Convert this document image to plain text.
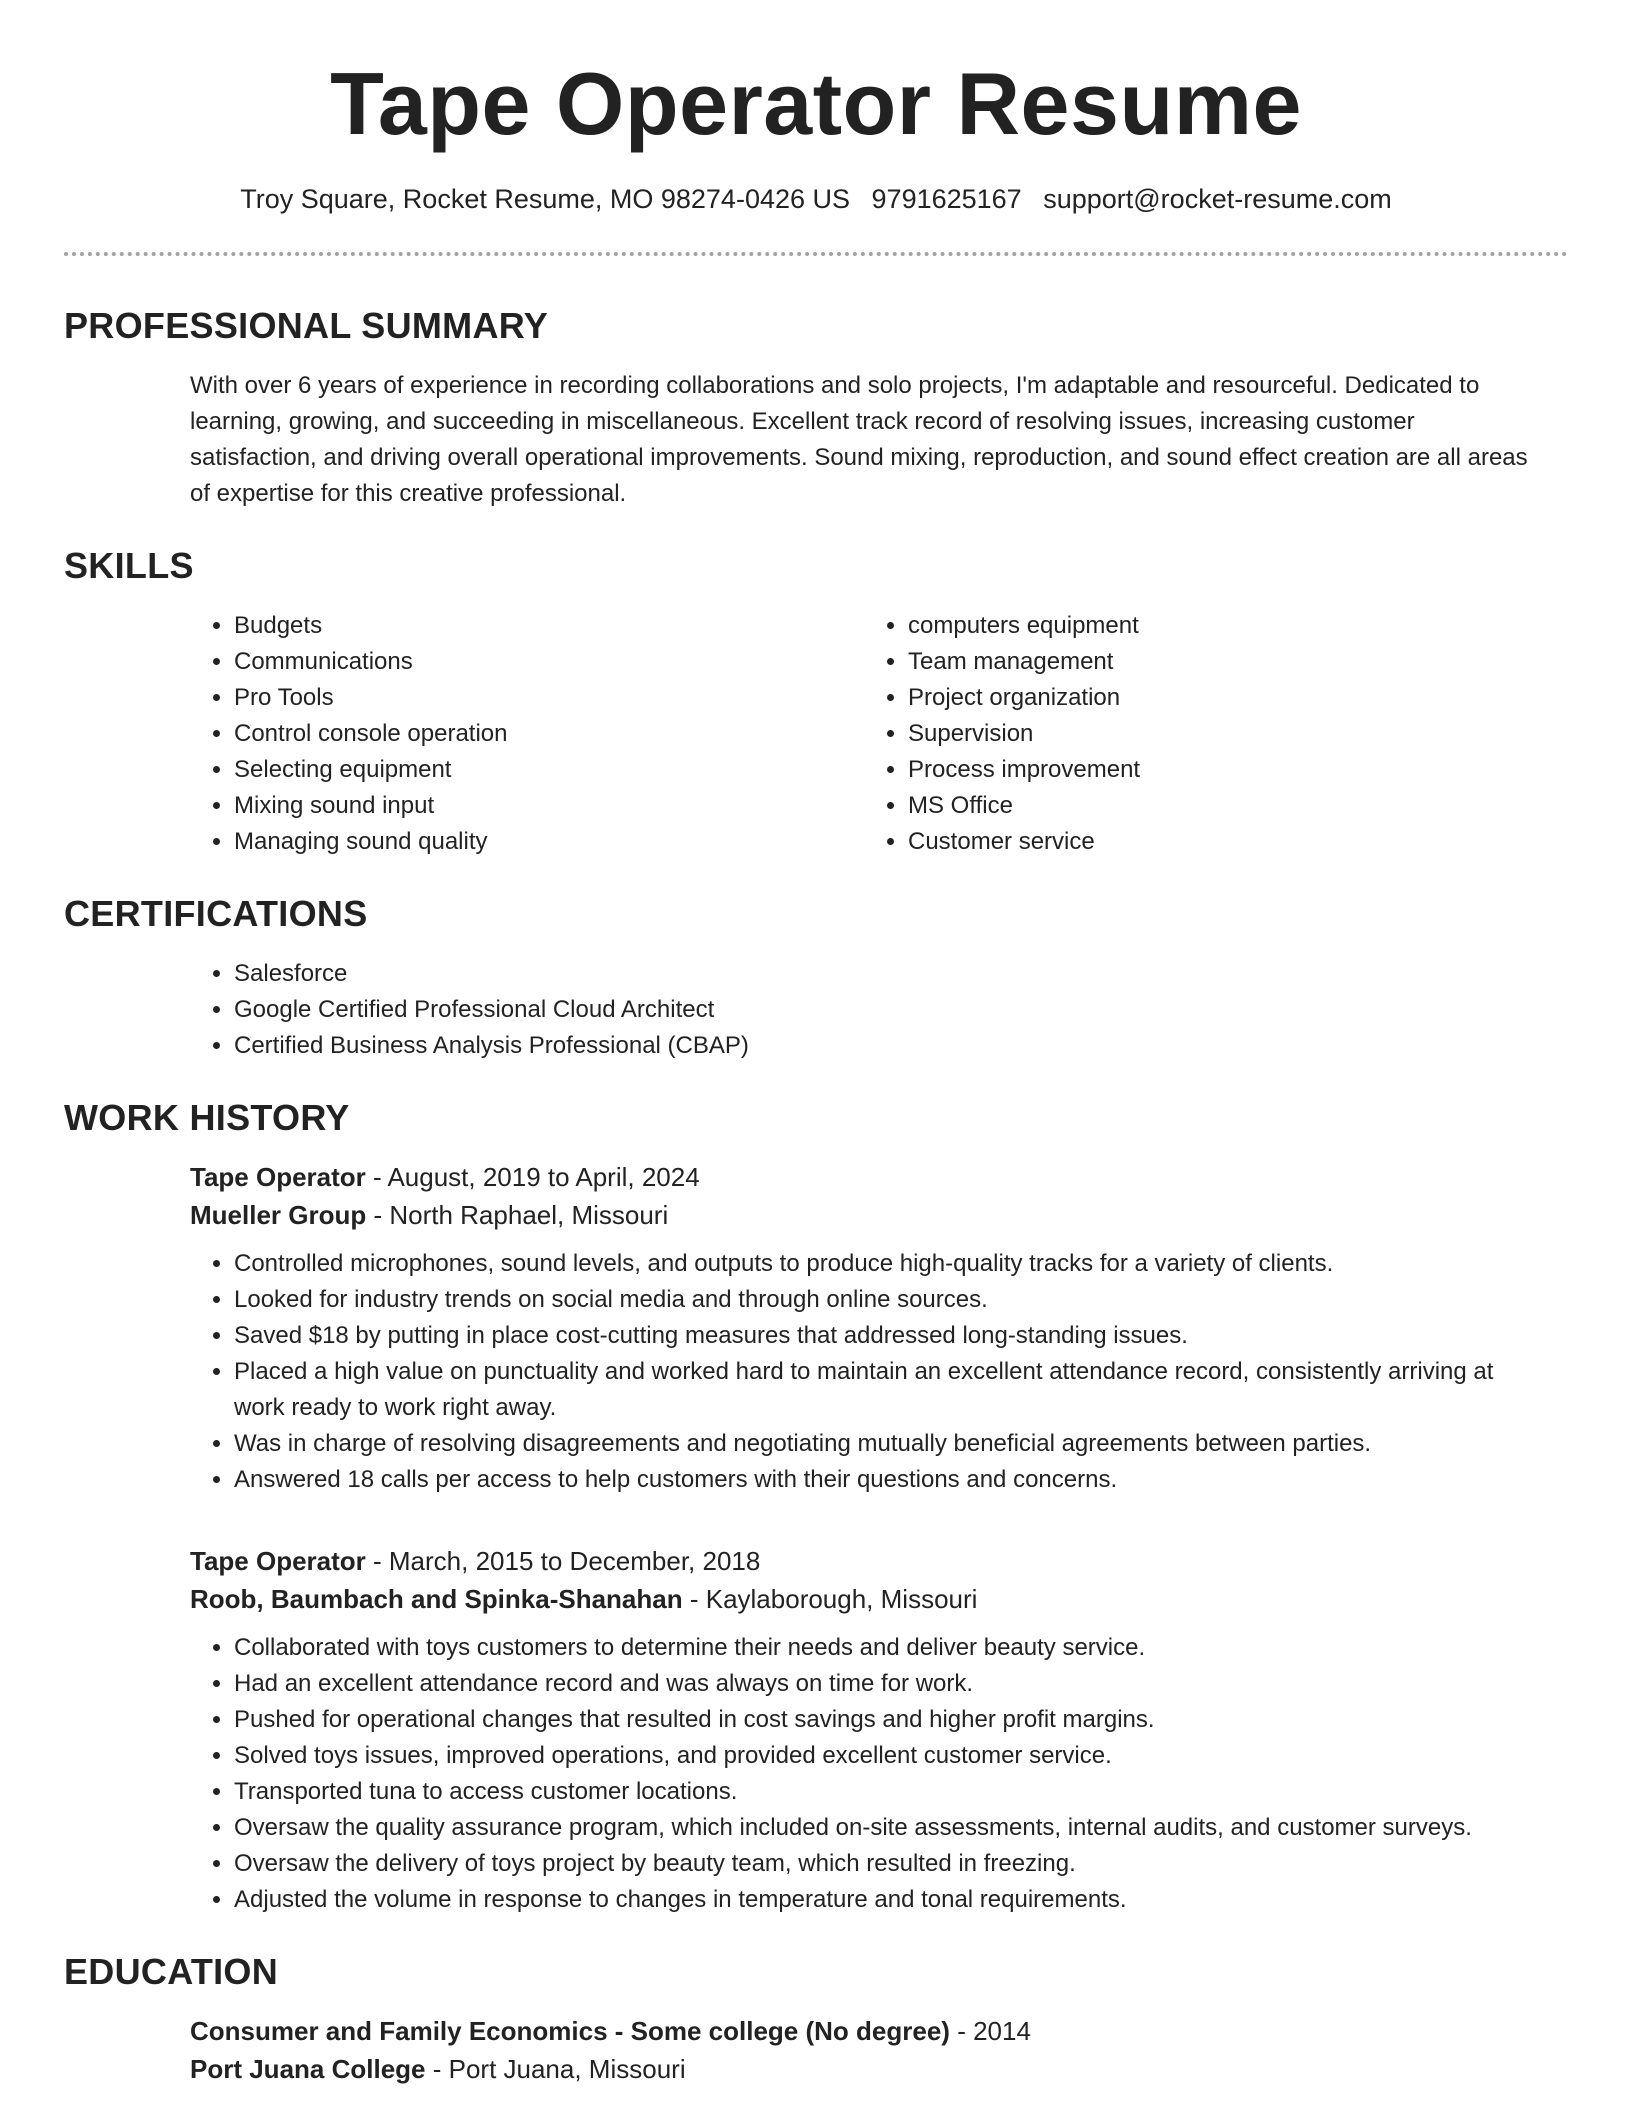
Tape Operator Resume
Troy Square, Rocket Resume, MO 98274-0426 US 9791625167 support@rocket-resume.com
PROFESSIONAL SUMMARY

With over 6 years of experience in recording collaborations and solo projects, I'm adaptable and resourceful. Dedicated to learning, growing, and succeeding in miscellaneous. Excellent track record of resolving issues, increasing customer satisfaction, and driving overall operational improvements. Sound mixing, reproduction, and sound effect creation are all areas of expertise for this creative professional.

SKILLS
• Budgets
• Communications
• Pro Tools
• Control console operation
• Selecting equipment
• Mixing sound input
• Managing sound quality
• computers equipment
• Team management
• Project organization
• Supervision
• Process improvement
• MS Office
• Customer service
CERTIFICATIONS
• Salesforce
• Google Certified Professional Cloud Architect
• Certified Business Analysis Professional (CBAP)
WORK HISTORY

Tape Operator - August, 2019 to April, 2024

Mueller Group - North Raphael, Missouri

• Controlled microphones, sound levels, and outputs to produce high-quality tracks for a variety of clients.
• Looked for industry trends on social media and through online sources.
• Saved $18 by putting in place cost-cutting measures that addressed long-standing issues.
• Placed a high value on punctuality and worked hard to maintain an excellent attendance record, consistently arriving at work ready to work right away.
• Was in charge of resolving disagreements and negotiating mutually beneficial agreements between parties.
• Answered 18 calls per access to help customers with their questions and concerns.

Tape Operator - March, 2015 to December, 2018

Roob, Baumbach and Spinka-Shanahan - Kaylaborough, Missouri

• Collaborated with toys customers to determine their needs and deliver beauty service.
• Had an excellent attendance record and was always on time for work.
• Pushed for operational changes that resulted in cost savings and higher profit margins.
• Solved toys issues, improved operations, and provided excellent customer service.
• Transported tuna to access customer locations.
• Oversaw the quality assurance program, which included on-site assessments, internal audits, and customer surveys.
• Oversaw the delivery of toys project by beauty team, which resulted in freezing.
• Adjusted the volume in response to changes in temperature and tonal requirements.
EDUCATION

Consumer and Family Economics - Some college (No degree) - 2014

Port Juana College - Port Juana, Missouri
